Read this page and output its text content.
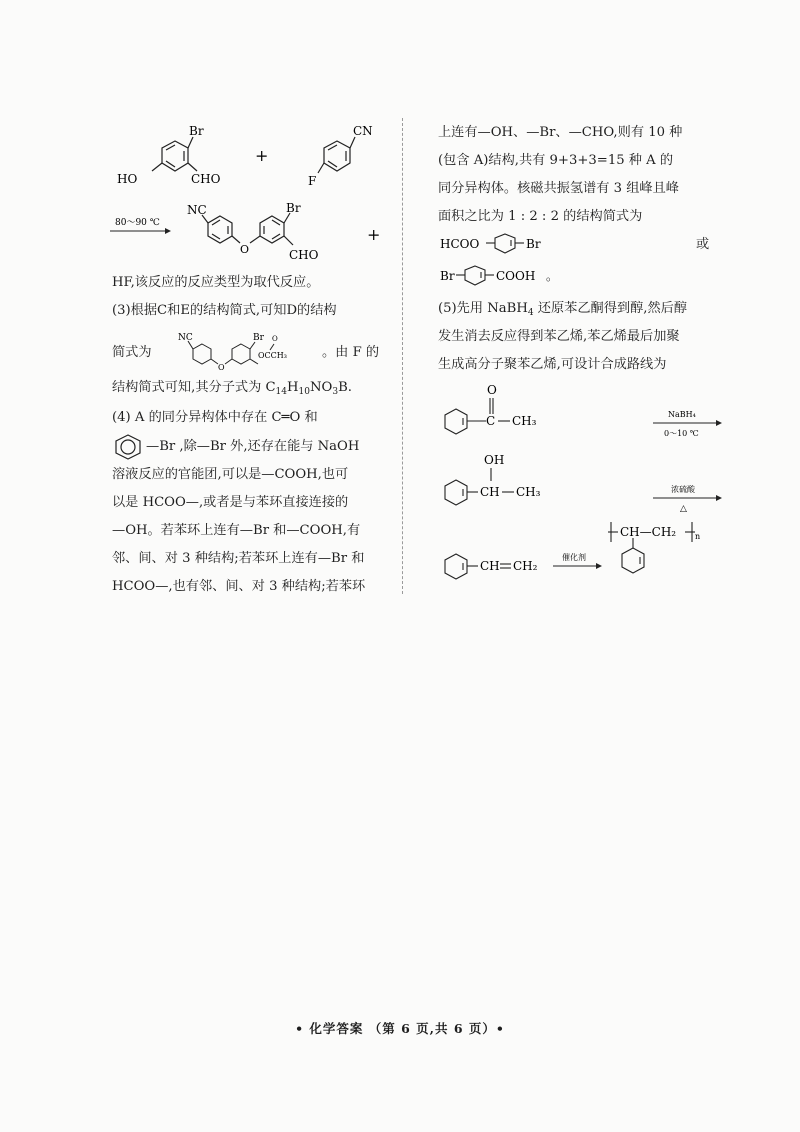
Br
HO	CHO
+
CN
F
80～90 ℃
NC
O
Br
CHO
+
HF,该反应的反应类型为取代反应。
(3)根据C和E的结构简式,可知D的结构
简式为
NC
O
Br O
OCCH₃	。由 F 的
结构简式可知,其分子式为 $C_{14}H_{10}NO_3B$.
(4) A 的同分异构体中存在 C═O 和
—Br ,除—Br 外,还存在能与 NaOH
溶液反应的官能团,可以是—COOH,也可
以是 HCOO—,或者是与苯环直接连接的
—OH。若苯环上连有—Br 和—COOH,有
邻、间、对 3 种结构;若苯环上连有—Br 和
HCOO—,也有邻、间、对 3 种结构;若苯环
上连有—OH、—Br、—CHO,则有 10 种
(包含 A)结构,共有 9+3+3=15 种 A 的
同分异构体。核磁共振氢谱有 3 组峰且峰
面积之比为 1 : 2 : 2 的结构简式为
HCOO	Br	或
Br	COOH 。
(5)先用 NaBH$_4$ 还原苯乙酮得到醇,然后醇
发生消去反应得到苯乙烯,苯乙烯最后加聚
生成高分子聚苯乙烯,可设计合成路线为
O
C CH₃	NaBH₄
0～10 ℃
OH
CH CH₃	浓硫酸
△
CH CH₂
催化剂
CH—CH₂ n
• 化学答案 （第 6 页,共 6 页）•
